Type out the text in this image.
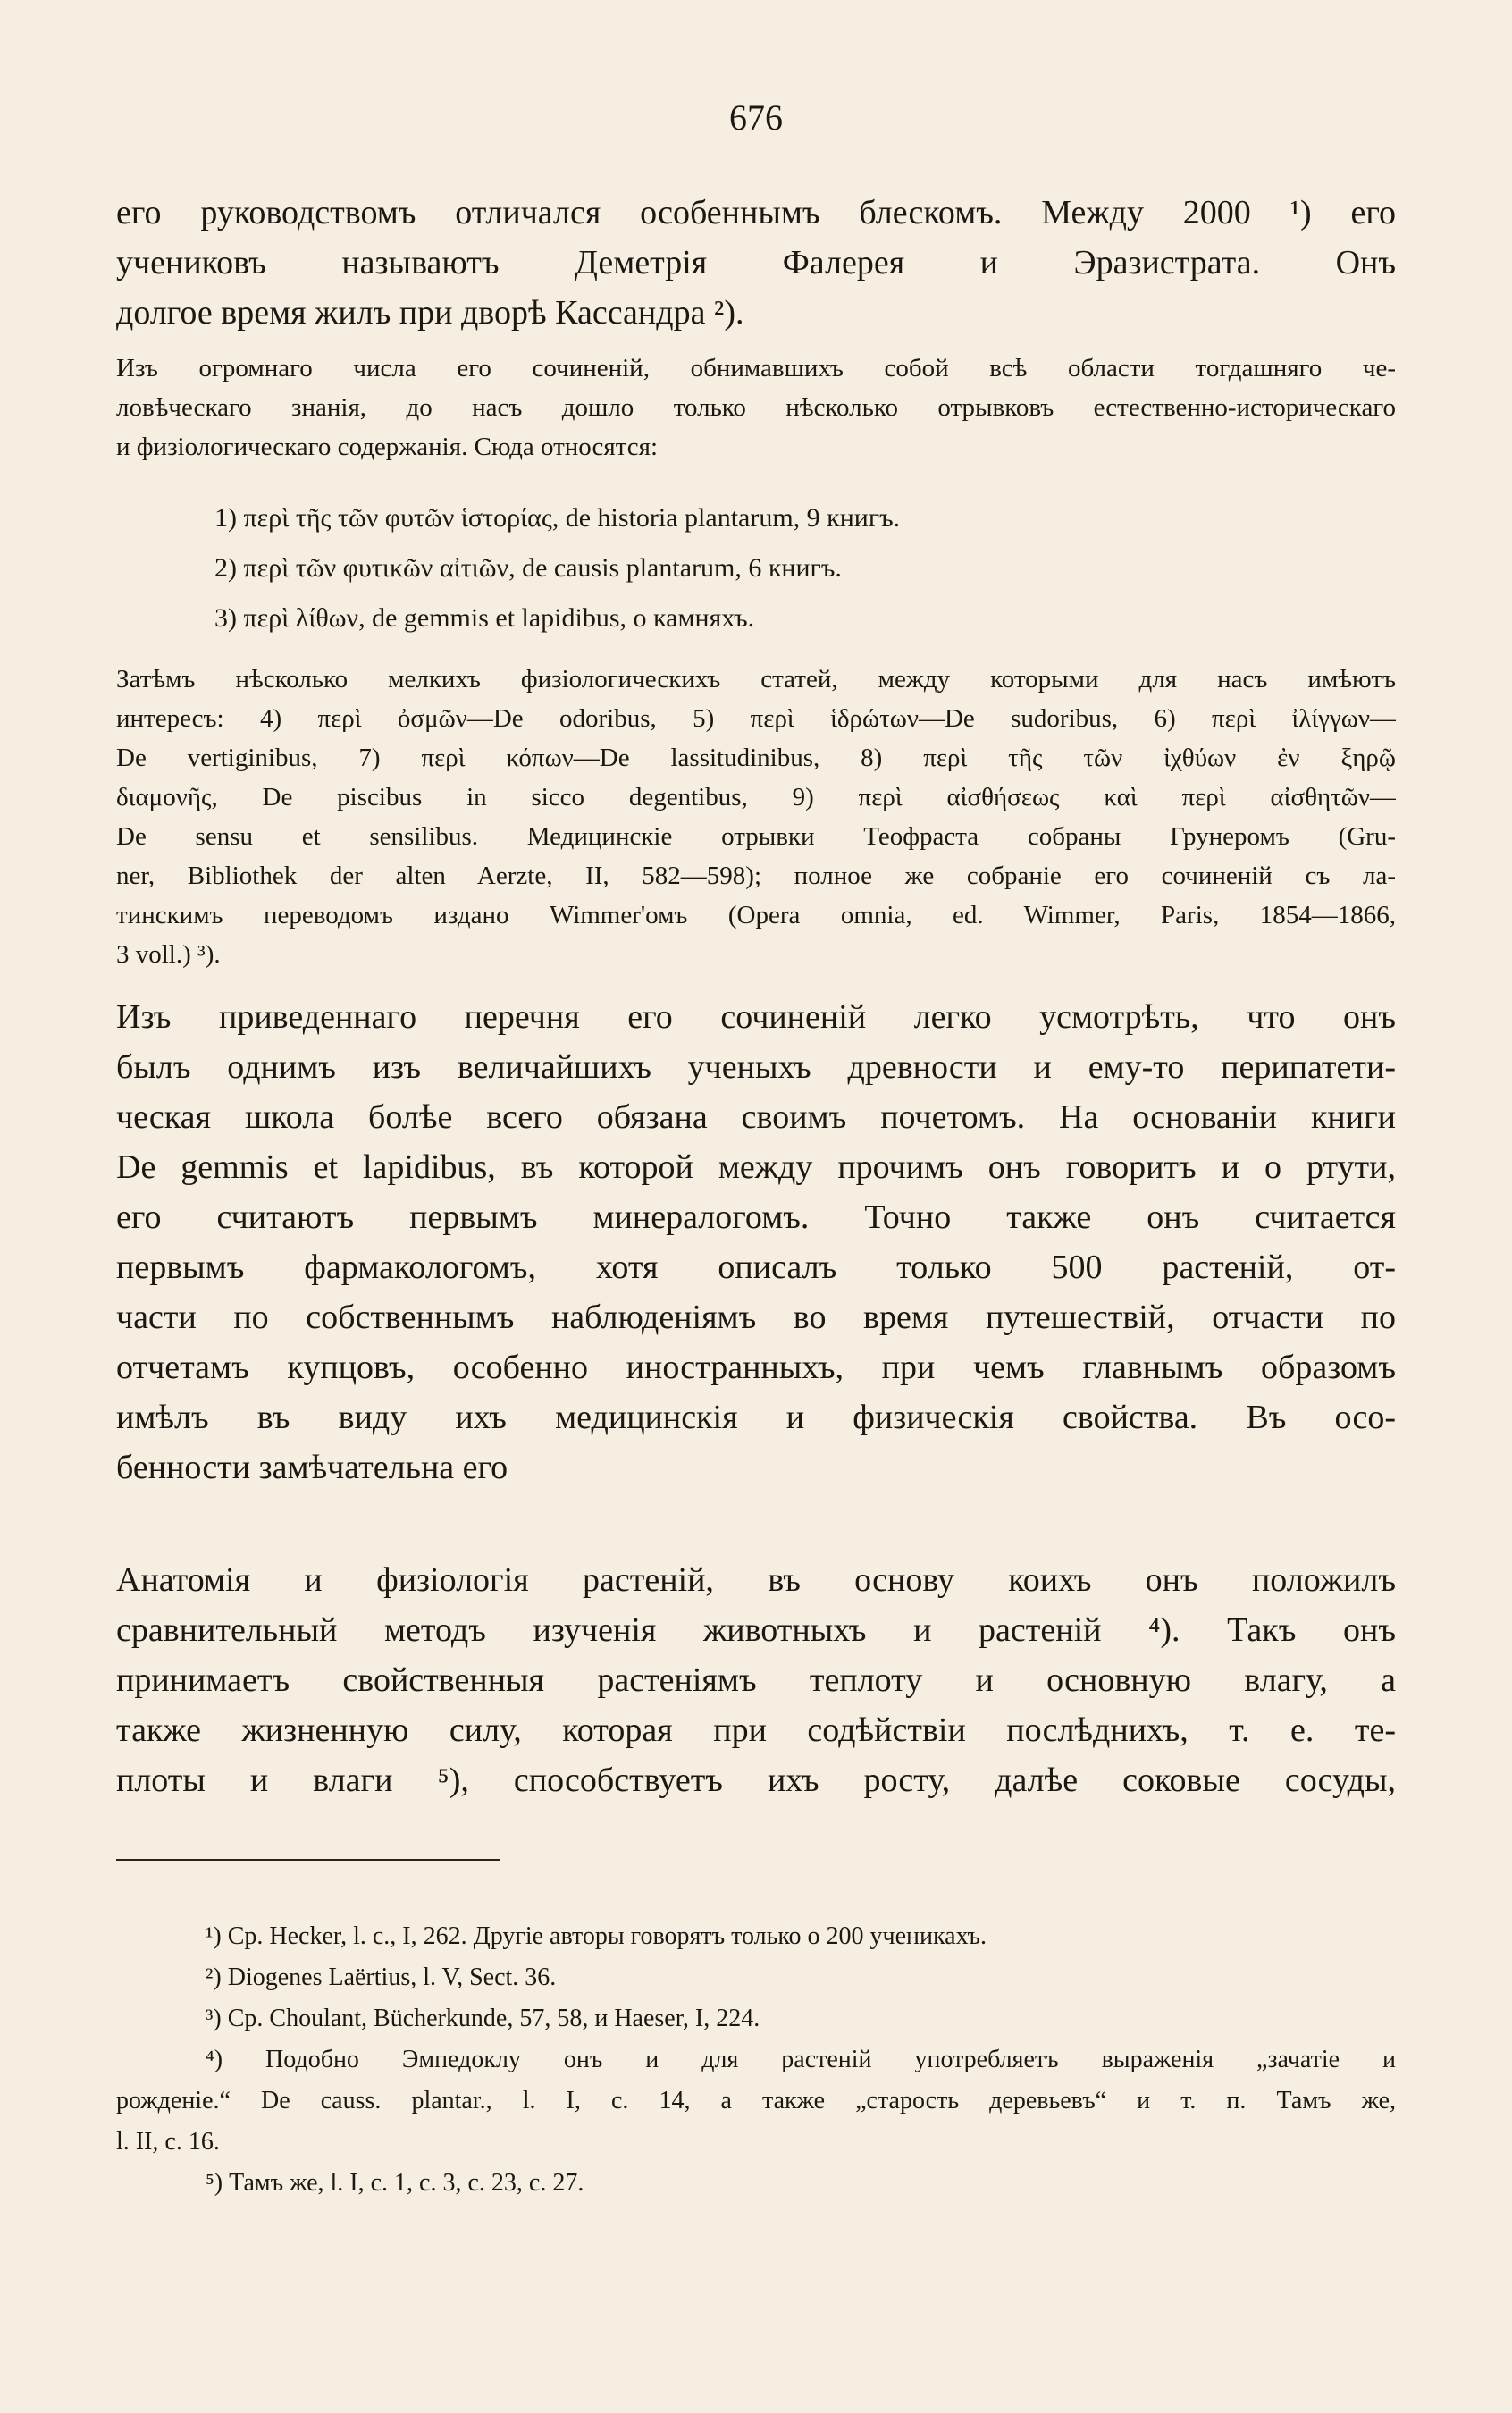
676
его руководствомъ отличался особеннымъ блескомъ. Между 2000 ¹) его
учениковъ называютъ Деметрія Фалерея и Эразистрата. Онъ
долгое время жилъ при дворѣ Кассандра ²).
Изъ огромнаго числа его сочиненій, обнимавшихъ собой всѣ области тогдашняго че-
ловѣческаго знанія, до насъ дошло только нѣсколько отрывковъ естественно-историческаго
и физіологическаго содержанія. Сюда относятся:
1) περὶ τῆς τῶν φυτῶν ἱστορίας, de historia plantarum, 9 книгъ.
2) περὶ τῶν φυτικῶν αἰτιῶν, de causis plantarum, 6 книгъ.
3) περὶ λίθων, de gemmis et lapidibus, о камняхъ.
Затѣмъ нѣсколько мелкихъ физіологическихъ статей, между которыми для насъ имѣютъ
интересъ: 4) περὶ ὀσμῶν—De odoribus, 5) περὶ ἱδρώτων—De sudoribus, 6) περὶ ἰλίγγων—
De vertiginibus, 7) περὶ κόπων—De lassitudinibus, 8) περὶ τῆς τῶν ἰχθύων ἐν ξηρῷ
διαμονῆς, De piscibus in sicco degentibus, 9) περὶ αἰσθήσεως καὶ περὶ αἰσθητῶν—
De sensu et sensilibus. Медицинскіе отрывки Теофраста собраны Грунеромъ (Gru-
ner, Bibliothek der alten Aerzte, II, 582—598); полное же собраніе его сочиненій съ ла-
тинскимъ переводомъ издано Wimmer'омъ (Opera omnia, ed. Wimmer, Paris, 1854—1866,
3 voll.) ³).
Изъ приведеннаго перечня его сочиненій легко усмотрѣть, что онъ
былъ однимъ изъ величайшихъ ученыхъ древности и ему-то перипатети-
ческая школа болѣе всего обязана своимъ почетомъ. На основаніи книги
De gemmis et lapidibus, въ которой между прочимъ онъ говоритъ и о ртути,
его считаютъ первымъ минералогомъ. Точно также онъ считается
первымъ фармакологомъ, хотя описалъ только 500 растеній, от-
части по собственнымъ наблюденіямъ во время путешествій, отчасти по
отчетамъ купцовъ, особенно иностранныхъ, при чемъ главнымъ образомъ
имѣлъ въ виду ихъ медицинскія и физическія свойства. Въ осо-
бенности замѣчательна его
Анатомія и физіологія растеній, въ основу коихъ онъ положилъ
сравнительный методъ изученія животныхъ и растеній ⁴). Такъ онъ
принимаетъ свойственныя растеніямъ теплоту и основную влагу, а
также жизненную силу, которая при содѣйствіи послѣднихъ, т. е. те-
плоты и влаги ⁵), способствуетъ ихъ росту, далѣе соковые сосуды,
¹) Ср. Hecker, l. c., I, 262. Другіе авторы говорятъ только о 200 ученикахъ.
²) Diogenes Laërtius, l. V, Sect. 36.
³) Ср. Choulant, Bücherkunde, 57, 58, и Haeser, I, 224.
⁴) Подобно Эмпедоклу онъ и для растеній употребляетъ выраженія „зачатіе и
рожденіе.“ De causs. plantar., l. I, c. 14, а также „старость деревьевъ“ и т. п. Тамъ же,
l. II, c. 16.
⁵) Тамъ же, l. I, c. 1, c. 3, c. 23, c. 27.
